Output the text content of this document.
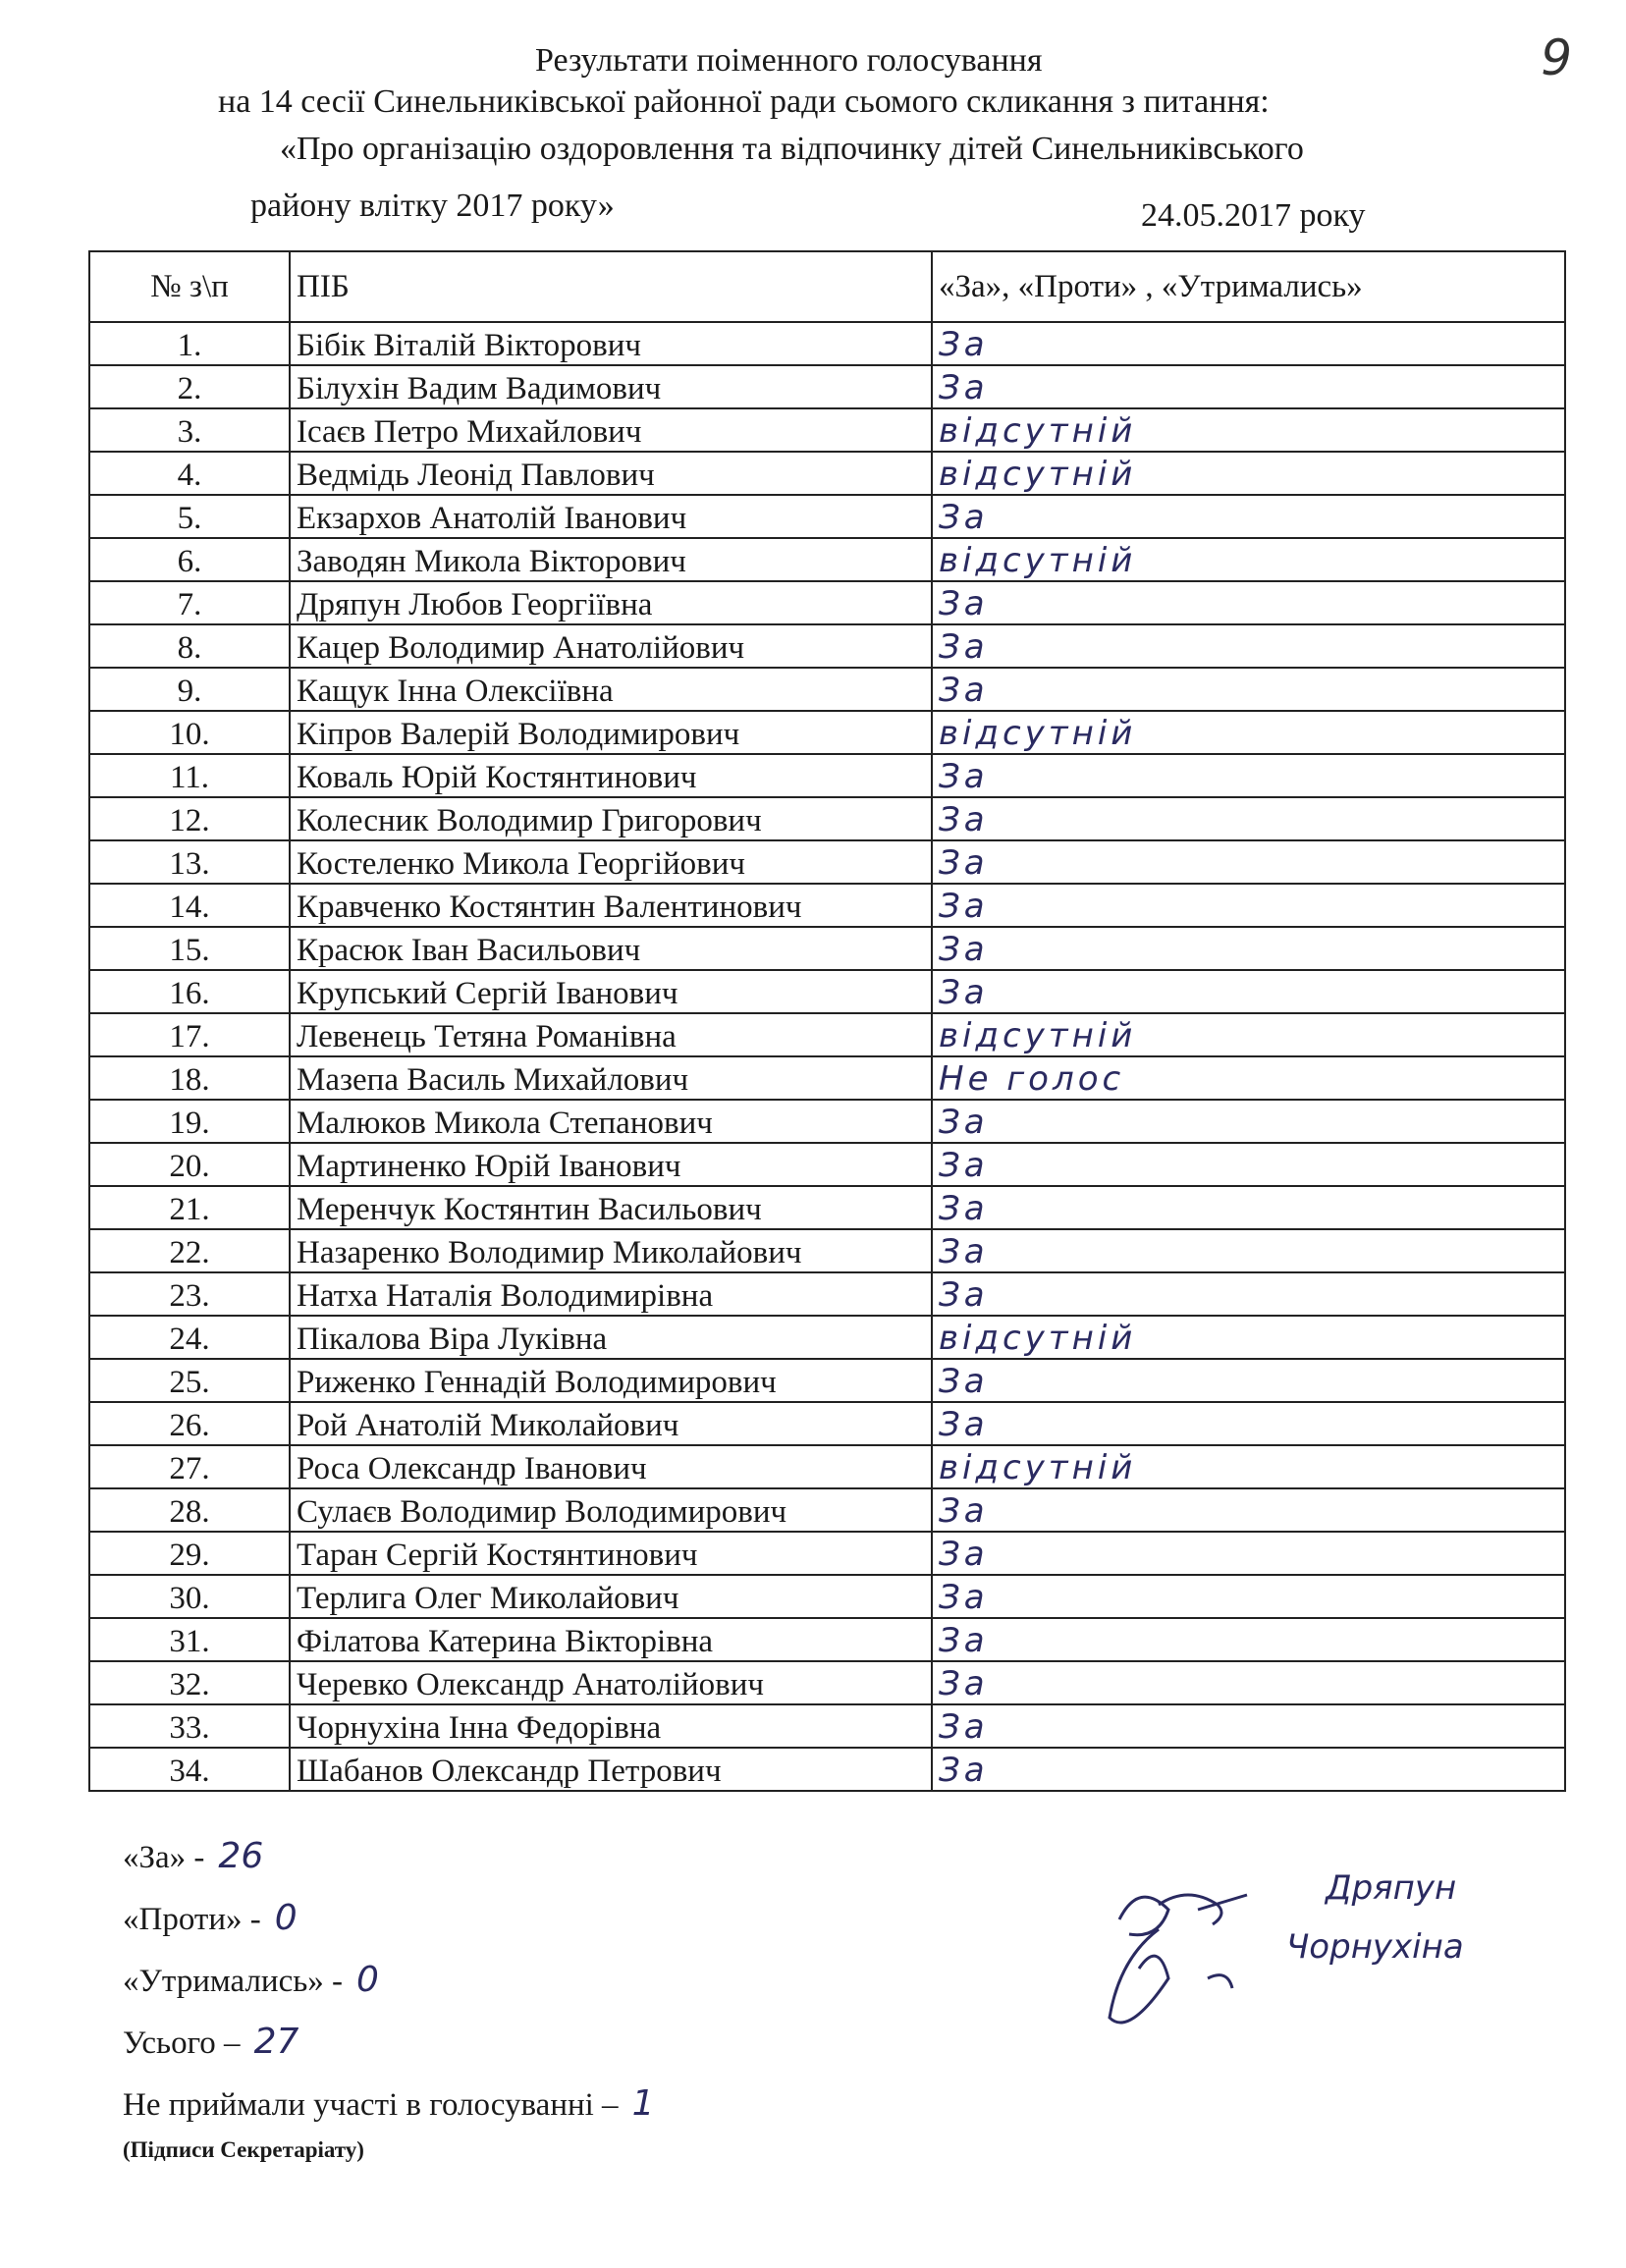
9
Результати поіменного голосування
на 14 сесії Синельниківської районної ради сьомого скликання з питання:
«Про організацію оздоровлення та відпочинку дітей Синельниківського
району влітку 2017 року»	24.05.2017 року
№ з\п	ПІБ	«За», «Проти» , «Утримались»
1.	Бібік Віталій Вікторович	За
2.	Білухін Вадим Вадимович	За
3.	Ісаєв Петро Михайлович	відсутній
4.	Ведмідь Леонід Павлович	відсутній
5.	Екзархов Анатолій Іванович	За
6.	Заводян Микола Вікторович	відсутній
7.	Дряпун Любов Георгіївна	За
8.	Кацер Володимир Анатолійович	За
9.	Кащук Інна Олексіївна	За
10.	Кіпров Валерій Володимирович	відсутній
11.	Коваль Юрій Костянтинович	За
12.	Колесник Володимир Григорович	За
13.	Костеленко Микола Георгійович	За
14.	Кравченко Костянтин Валентинович	За
15.	Красюк Іван Васильович	За
16.	Крупський Сергій Іванович	За
17.	Левенець Тетяна Романівна	відсутній
18.	Мазепа Василь Михайлович	Не голос
19.	Малюков Микола Степанович	За
20.	Мартиненко Юрій Іванович	За
21.	Меренчук Костянтин Васильович	За
22.	Назаренко Володимир Миколайович	За
23.	Натха Наталія Володимирівна	За
24.	Пікалова Віра Луківна	відсутній
25.	Риженко Геннадій Володимирович	За
26.	Рой Анатолій Миколайович	За
27.	Роса Олександр Іванович	відсутній
28.	Сулаєв Володимир Володимирович	За
29.	Таран Сергій Костянтинович	За
30.	Терлига Олег Миколайович	За
31.	Філатова Катерина Вікторівна	За
32.	Черевко Олександр Анатолійович	За
33.	Чорнухіна Інна Федорівна	За
34.	Шабанов Олександр Петрович	За
«За» - 26
«Проти» - 0
«Утримались» - 0
Усього – 27
Не приймали участі в голосуванні – 1
(Підписи Секретаріату)
Дряпун
Чорнухіна
